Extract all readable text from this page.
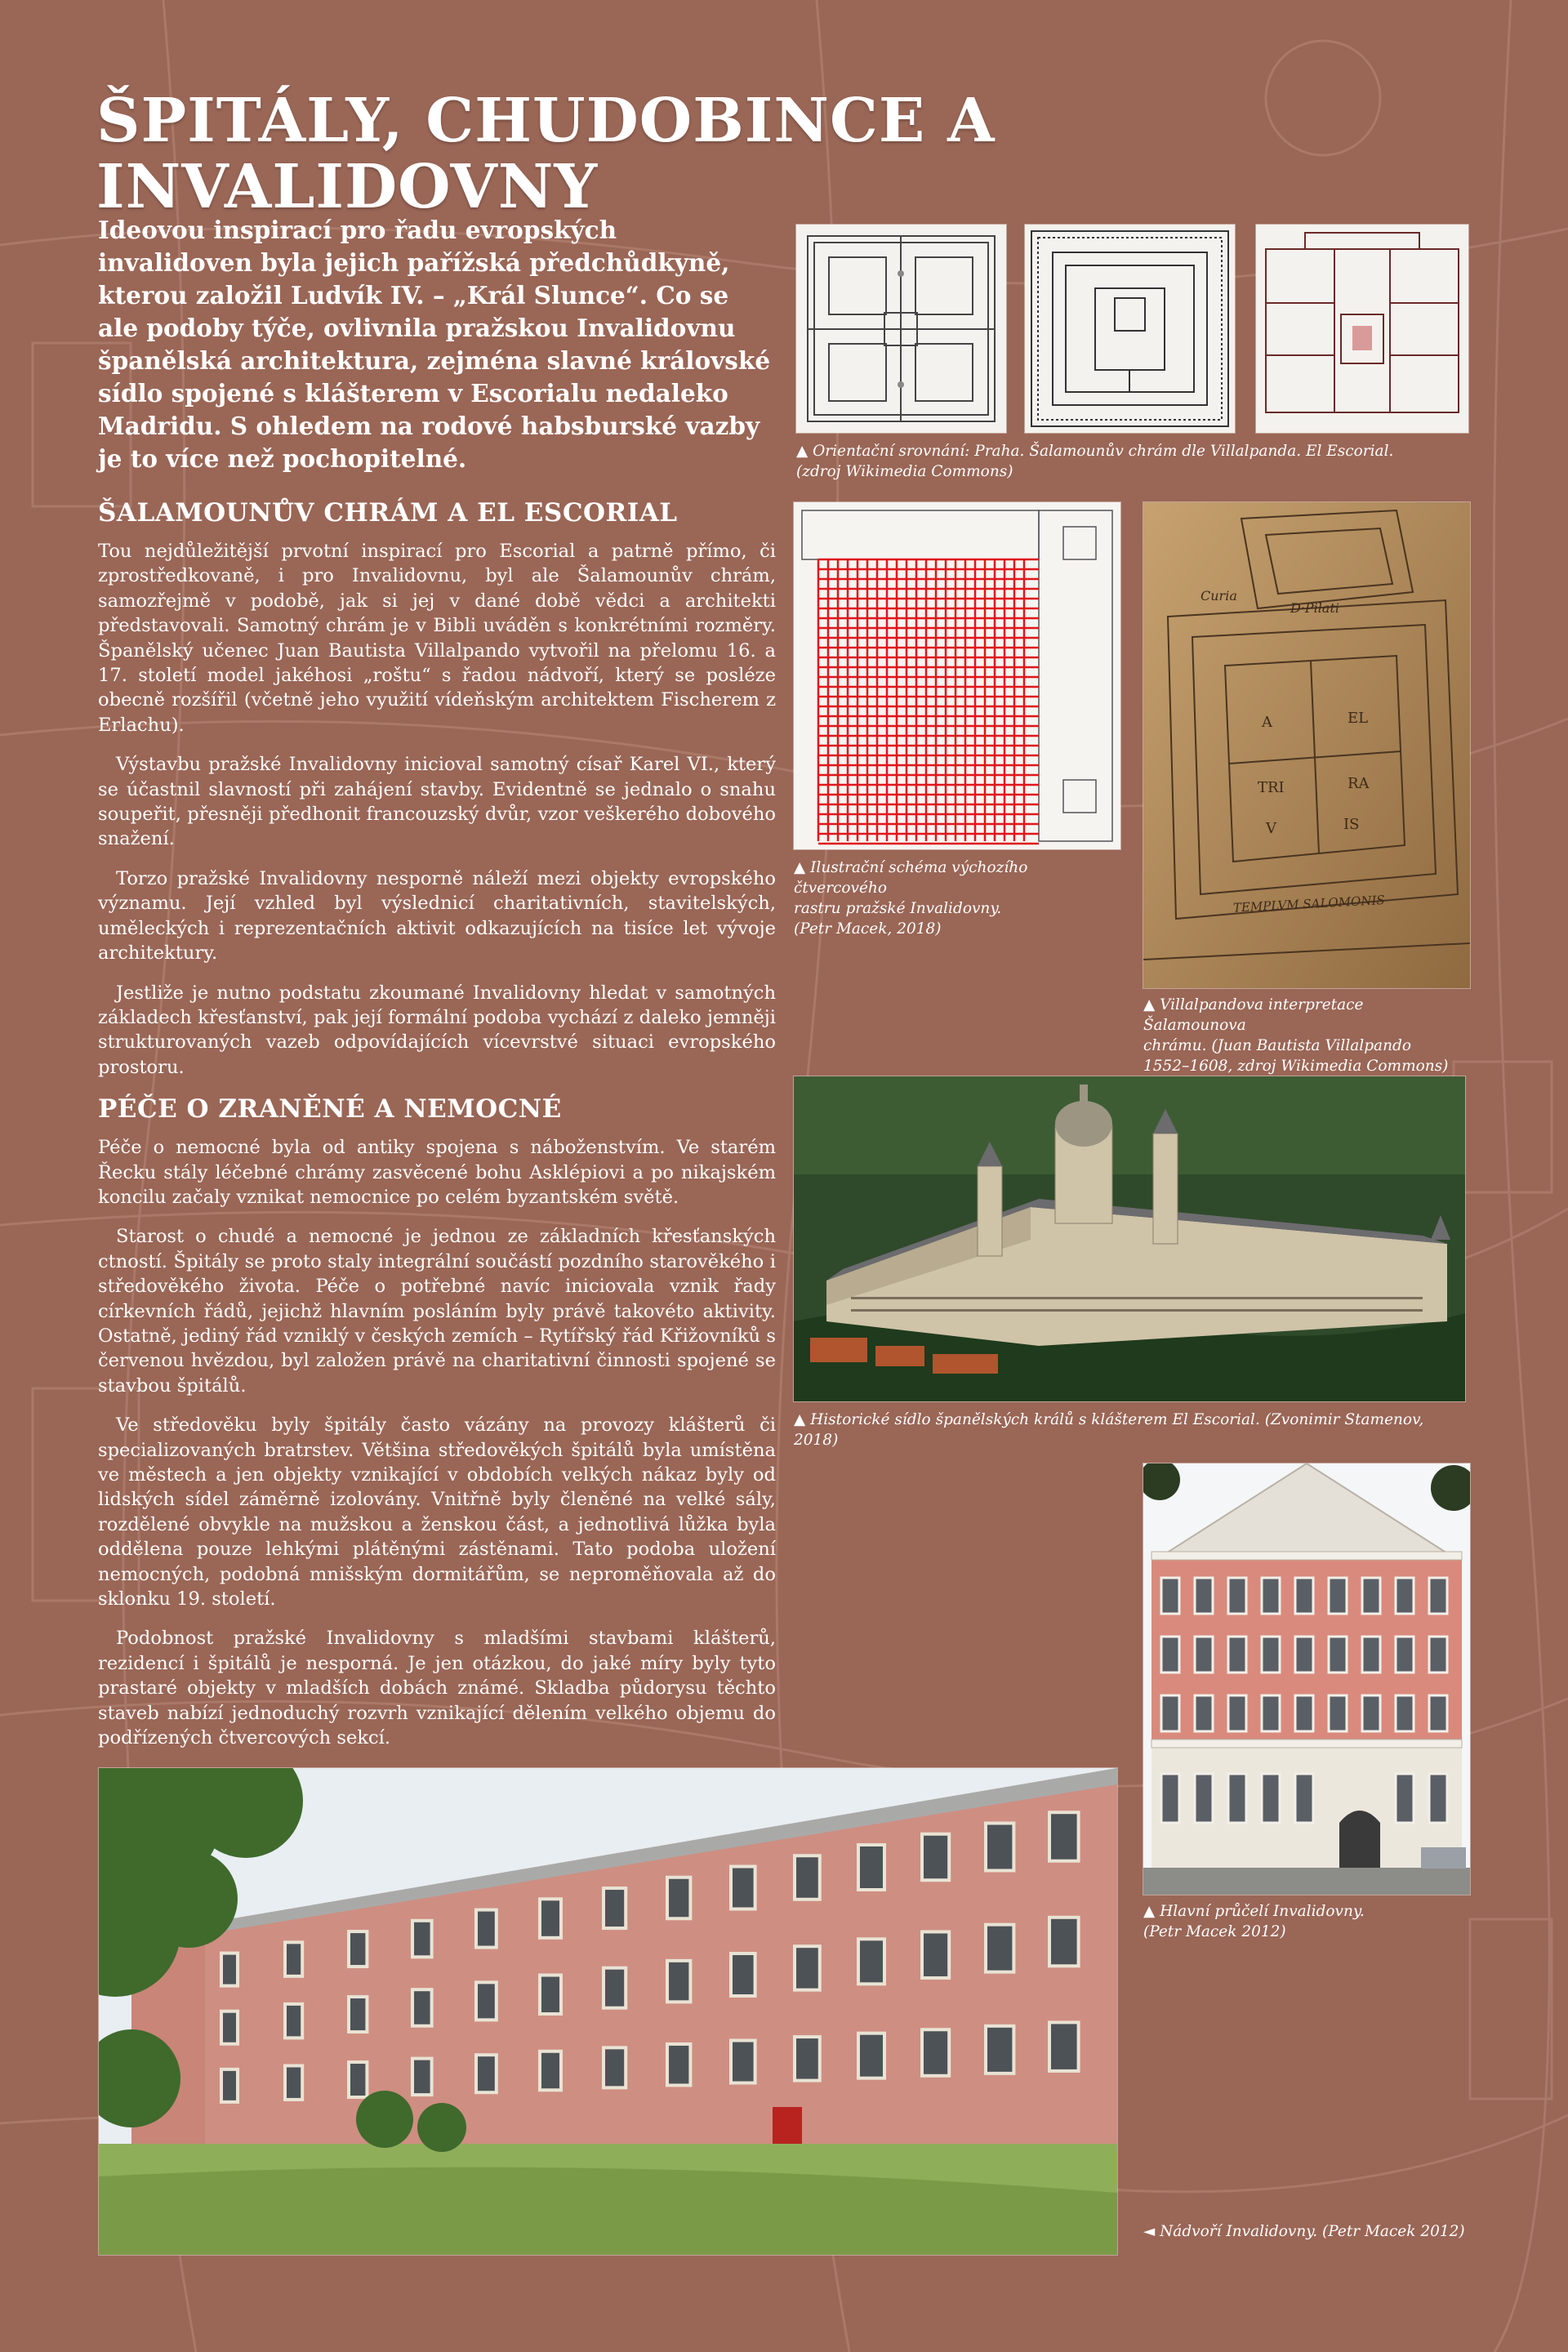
ŠPITÁLY, CHUDOBINCE A INVALIDOVNY

Ideovou inspirací pro řadu evropských invalidoven byla jejich pařížská předchůdkyně, kterou založil Ludvík IV. – „Král Slunce“. Co se ale podoby týče, ovlivnila pražskou Invalidovnu španělská architektura, zejména slavné královské sídlo spojené s klášterem v Escorialu nedaleko Madridu. S ohledem na rodové habsburské vazby je to více než pochopitelné.

ŠALAMOUNŮV CHRÁM A EL ESCORIAL

Tou nejdůležitější prvotní inspirací pro Escorial a patrně přímo, či zprostředkovaně, i pro Invalidovnu, byl ale Šalamounův chrám, samozřejmě v podobě, jak si jej v dané době vědci a architekti představovali. Samotný chrám je v Bibli uváděn s konkrétními rozměry. Španělský učenec Juan Bautista Villalpando vytvořil na přelomu 16. a 17. století model jakéhosi „roštu“ s řadou nádvoří, který se posléze obecně rozšířil (včetně jeho využití vídeňským architektem Fischerem z Erlachu).

Výstavbu pražské Invalidovny inicioval samotný císař Karel VI., který se účastnil slavností při zahájení stavby. Evidentně se jednalo o snahu soupeřit, přesněji předhonit francouzský dvůr, vzor veškerého dobového snažení.

Torzo pražské Invalidovny nesporně náleží mezi objekty evropského významu. Její vzhled byl výslednicí charitativních, stavitelských, uměleckých i reprezentačních aktivit odkazujících na tisíce let vývoje architektury.

Jestliže je nutno podstatu zkoumané Invalidovny hledat v samotných základech křesťanství, pak její formální podoba vychází z daleko jemněji strukturovaných vazeb odpovídajících vícevrstvé situaci evropského prostoru.

PÉČE O ZRANĚNÉ A NEMOCNÉ

Péče o nemocné byla od antiky spojena s náboženstvím. Ve starém Řecku stály léčebné chrámy zasvěcené bohu Asklépiovi a po nikajském koncilu začaly vznikat nemocnice po celém byzantském světě.

Starost o chudé a nemocné je jednou ze základních křesťanských ctností. Špitály se proto staly integrální součástí pozdního starověkého i středověkého života. Péče o potřebné navíc iniciovala vznik řady církevních řádů, jejichž hlavním posláním byly právě takovéto aktivity. Ostatně, jediný řád vzniklý v českých zemích – Rytířský řád Křižovníků s červenou hvězdou, byl založen právě na charitativní činnosti spojené se stavbou špitálů.

Ve středověku byly špitály často vázány na provozy klášterů či specializovaných bratrstev. Většina středověkých špitálů byla umístěna ve městech a jen objekty vznikající v obdobích velkých nákaz byly od lidských sídel záměrně izolovány. Vnitřně byly členěné na velké sály, rozdělené obvykle na mužskou a ženskou část, a jednotlivá lůžka byla oddělena pouze lehkými plátěnými zástěnami. Tato podoba uložení nemocných, podobná mnišským dormitářům, se neproměňovala až do sklonku 19. století.

Podobnost pražské Invalidovny s mladšími stavbami klášterů, rezidencí i špitálů je nesporná. Je jen otázkou, do jaké míry byly tyto prastaré objekty v mladších dobách známé. Skladba půdorysu těchto staveb nabízí jednoduchý rozvrh vznikající dělením velkého objemu do podřízených čtvercových sekcí.

▲ Orientační srovnání: Praha. Šalamounův chrám dle Villalpanda. El Escorial.
(zdroj Wikimedia Commons)
▲ Ilustrační schéma výchozího čtvercového
rastru pražské Invalidovny.
(Petr Macek, 2018)
D·Pilati
Curia
A	EL
TRI	RA
V	IS
TEMPLVM SALOMONIS
▲ Villalpandova interpretace Šalamounova
chrámu. (Juan Bautista Villalpando
1552–1608, zdroj Wikimedia Commons)
▲ Historické sídlo španělských králů s klášterem El Escorial. (Zvonimir Stamenov, 2018)
▲ Hlavní průčelí Invalidovny.
(Petr Macek 2012)
◄ Nádvoří Invalidovny. (Petr Macek 2012)
